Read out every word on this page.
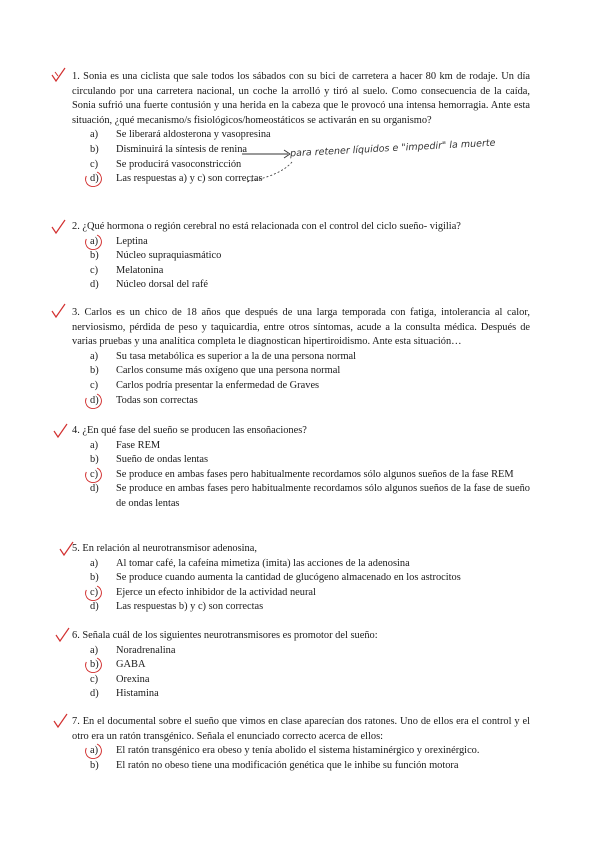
1. Sonia es una ciclista que sale todos los sábados con su bici de carretera a hacer 80 km de rodaje. Un día circulando por una carretera nacional, un coche la arrolló y tiró al suelo. Como consecuencia de la caída, Sonia sufrió una fuerte contusión y una herida en la cabeza que le provocó una intensa hemorragia. Ante esta situación, ¿qué mecanismo/s fisiológicos/homeostáticos se activarán en su organismo?

a)	Se liberará aldosterona y vasopresina
b)	Disminuirá la síntesis de renina
c)	Se producirá vasoconstricción
d)	Las respuestas a) y c) son correctas
para retener líquidos e "impedir" la muerte

2. ¿Qué hormona o región cerebral no está relacionada con el control del ciclo sueño- vigilia?

a)	Leptina
b)	Núcleo supraquiasmático
c)	Melatonina
d)	Núcleo dorsal del rafé

3. Carlos es un chico de 18 años que después de una larga temporada con fatiga, intolerancia al calor, nerviosismo, pérdida de peso y taquicardia, entre otros síntomas, acude a la consulta médica. Después de varias pruebas y una analítica completa le diagnostican hipertiroidismo. Ante esta situación…

a)	Su tasa metabólica es superior a la de una persona normal
b)	Carlos consume más oxígeno que una persona normal
c)	Carlos podría presentar la enfermedad de Graves
d)	Todas son correctas

4. ¿En qué fase del sueño se producen las ensoñaciones?

a)	Fase REM
b)	Sueño de ondas lentas
c)	Se produce en ambas fases pero habitualmente recordamos sólo algunos sueños de la fase REM
d)	Se produce en ambas fases pero habitualmente recordamos sólo algunos sueños de la fase de sueño de ondas lentas

5. En relación al neurotransmisor adenosina,

a)	Al tomar café, la cafeína mimetiza (imita) las acciones de la adenosina
b)	Se produce cuando aumenta la cantidad de glucógeno almacenado en los astrocitos
c)	Ejerce un efecto inhibidor de la actividad neural
d)	Las respuestas b) y c) son correctas

6. Señala cuál de los siguientes neurotransmisores es promotor del sueño:

a)	Noradrenalina
b)	GABA
c)	Orexina
d)	Histamina

7. En el documental sobre el sueño que vimos en clase aparecían dos ratones. Uno de ellos era el control y el otro era un ratón transgénico. Señala el enunciado correcto acerca de ellos:

a)	El ratón transgénico era obeso y tenía abolido el sistema histaminérgico y orexinérgico.
b)	El ratón no obeso tiene una modificación genética que le inhibe su función motora
